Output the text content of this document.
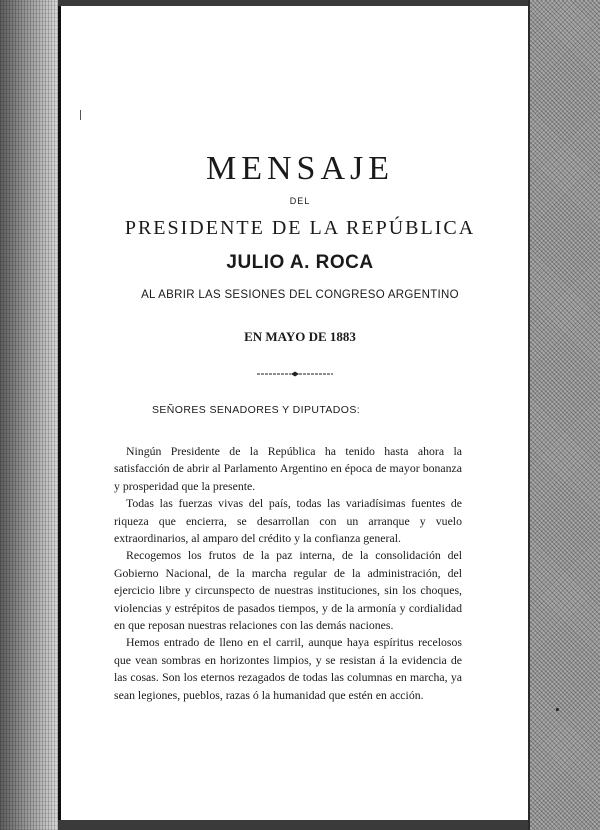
MENSAJE
DEL
PRESIDENTE DE LA REPÚBLICA
JULIO A. ROCA
AL ABRIR LAS SESIONES DEL CONGRESO ARGENTINO
EN MAYO DE 1883
SEÑORES SENADORES Y DIPUTADOS:

Ningún Presidente de la República ha tenido hasta ahora la satisfacción de abrir al Parlamento Argentino en época de mayor bonanza y prosperidad que la presente.

Todas las fuerzas vivas del país, todas las variadísimas fuentes de riqueza que encierra, se desarrollan con un arranque y vuelo extraordinarios, al amparo del crédito y la confianza general.

Recogemos los frutos de la paz interna, de la consolidación del Gobierno Nacional, de la marcha regular de la administración, del ejercicio libre y circunspecto de nuestras instituciones, sin los choques, violencias y estrépitos de pasados tiempos, y de la armonía y cordialidad en que reposan nuestras relaciones con las demás naciones.

Hemos entrado de lleno en el carril, aunque haya espíritus recelosos que vean sombras en horizontes limpios, y se resistan á la evidencia de las cosas. Son los eternos rezagados de todas las columnas en marcha, ya sean legiones, pueblos, razas ó la humanidad que estén en acción.
